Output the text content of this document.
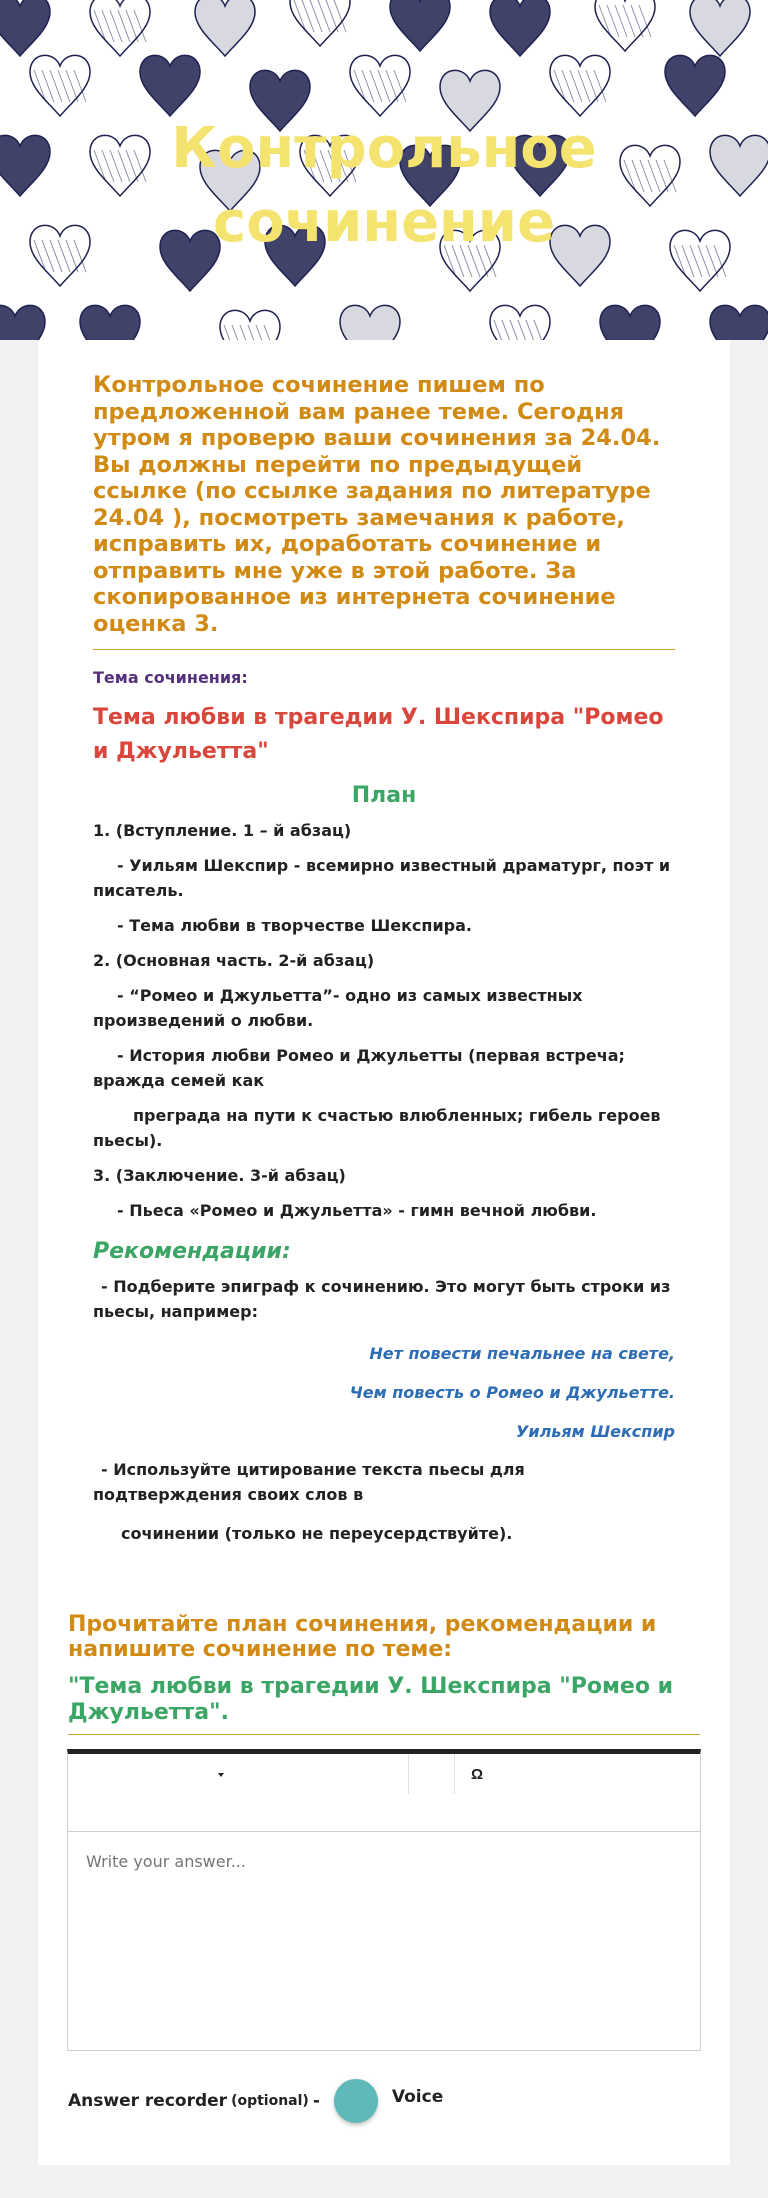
Контрольное
сочинение

Контрольное сочинение пишем по предложенной вам ранее теме. Сегодня утром я проверю ваши сочинения за 24.04. Вы должны перейти по предыдущей ссылке (по ссылке задания по литературе 24.04 ), посмотреть замечания к работе, исправить их, доработать сочинение и отправить мне уже в этой работе. За скопированное из интернета сочинение оценка 3.

Тема сочинения:

Тема любви в трагедии У. Шекспира "Ромео и Джульетта"

План

1. (Вступление. 1 – й абзац)

- Уильям Шекспир - всемирно известный драматург, поэт и писатель.

- Тема любви в творчестве Шекспира.

2. (Основная часть. 2-й абзац)

- “Ромео и Джульетта”- одно из самых известных произведений о любви.

- История любви Ромео и Джульетты (первая встреча; вражда семей как

преграда на пути к счастью влюбленных; гибель героев пьесы).

3. (Заключение. 3-й абзац)

- Пьеса «Ромео и Джульетта» - гимн вечной любви.

Рекомендации:

- Подберите эпиграф к сочинению. Это могут быть строки из пьесы, например:

Нет повести печальнее на свете,

Чем повесть о Ромео и Джульетте.

Уильям Шекспир

- Используйте цитирование текста пьесы для подтверждения своих слов в

сочинении (только не переусердствуйте).

Прочитайте план сочинения, рекомендации и напишите сочинение по теме:

"Тема любви в трагедии У. Шекспира "Ромео и Джульетта".

Ω
Write your answer...
Answer recorder (optional) -	Voice
